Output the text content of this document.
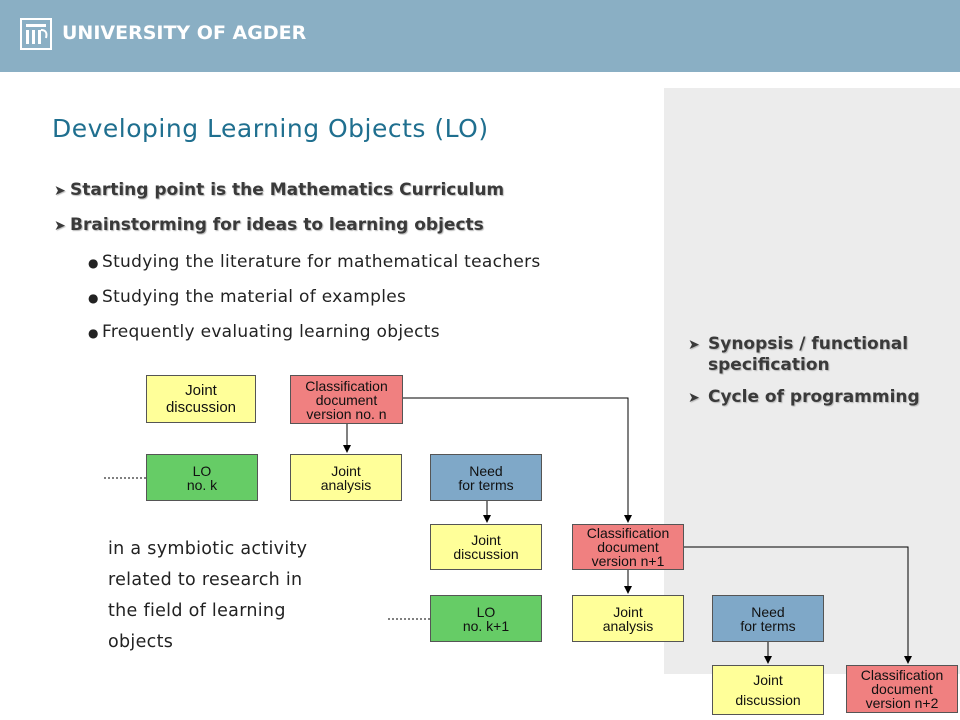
UNIVERSITY OF AGDER
Developing Learning Objects (LO)
➤ Starting point is the Mathematics Curriculum
➤ Brainstorming for ideas to learning objects
● Studying the literature for mathematical teachers
● Studying the material of examples
● Frequently evaluating learning objects
➤ Synopsis / functional
specification
➤ Cycle of programming
in a symbiotic activity
related to research in
the field of learning
objects
Joint
discussion
Classification
document
version no. n
LO
no. k
Joint
analysis
Need
for terms
Joint
discussion
Classification
document
version n+1
LO
no. k+1
Joint
analysis
Need
for terms
Joint
discussion
Classification
document
version n+2
